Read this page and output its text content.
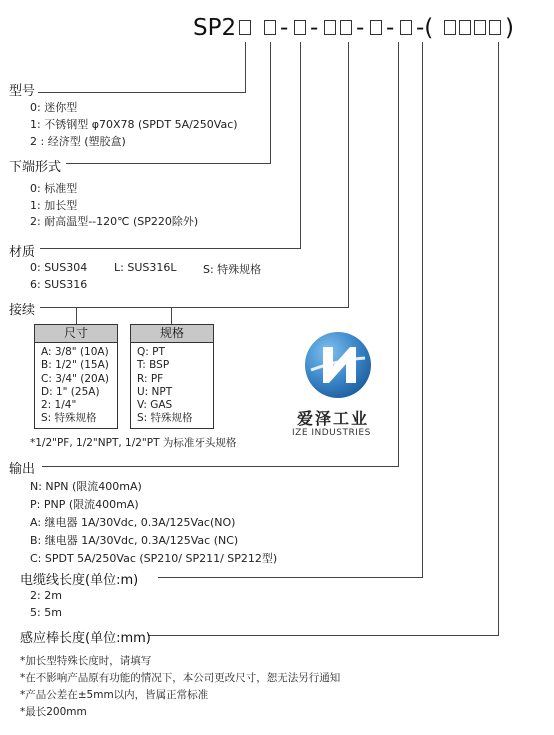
SP2 - - - - -(	)
型号
0: 迷你型
1: 不锈钢型 φ70X78 (SPDT 5A/250Vac)
2 : 经济型 (塑胶盒)
下端形式
0: 标准型
1: 加长型
2: 耐高温型--120℃ (SP220除外)
材质
0: SUS304 L: SUS316L S: 特殊规格
6: SUS316
接续
尺寸
A: 3/8" (10A)
B: 1/2" (15A)
C: 3/4" (20A)
D: 1" (25A)
2: 1/4"
S: 特殊规格
规格
Q: PT
T: BSP
R: PF
U: NPT
V: GAS
S: 特殊规格
*1/2"PF, 1/2"NPT, 1/2"PT 为标准牙头规格
爱泽工业
IZE INDUSTRIES
输出
N: NPN (限流400mA)
P: PNP (限流400mA)
A: 继电器 1A/30Vdc, 0.3A/125Vac(NO)
B: 继电器 1A/30Vdc, 0.3A/125Vac (NC)
C: SPDT 5A/250Vac (SP210/ SP211/ SP212型)
电缆线长度(单位:m)
2: 2m
5: 5m
感应棒长度(单位:mm)
*加长型特殊长度时，请填写
*在不影响产品原有功能的情况下，本公司更改尺寸，恕无法另行通知
*产品公差在±5mm以内，皆属正常标准
*最长200mm
